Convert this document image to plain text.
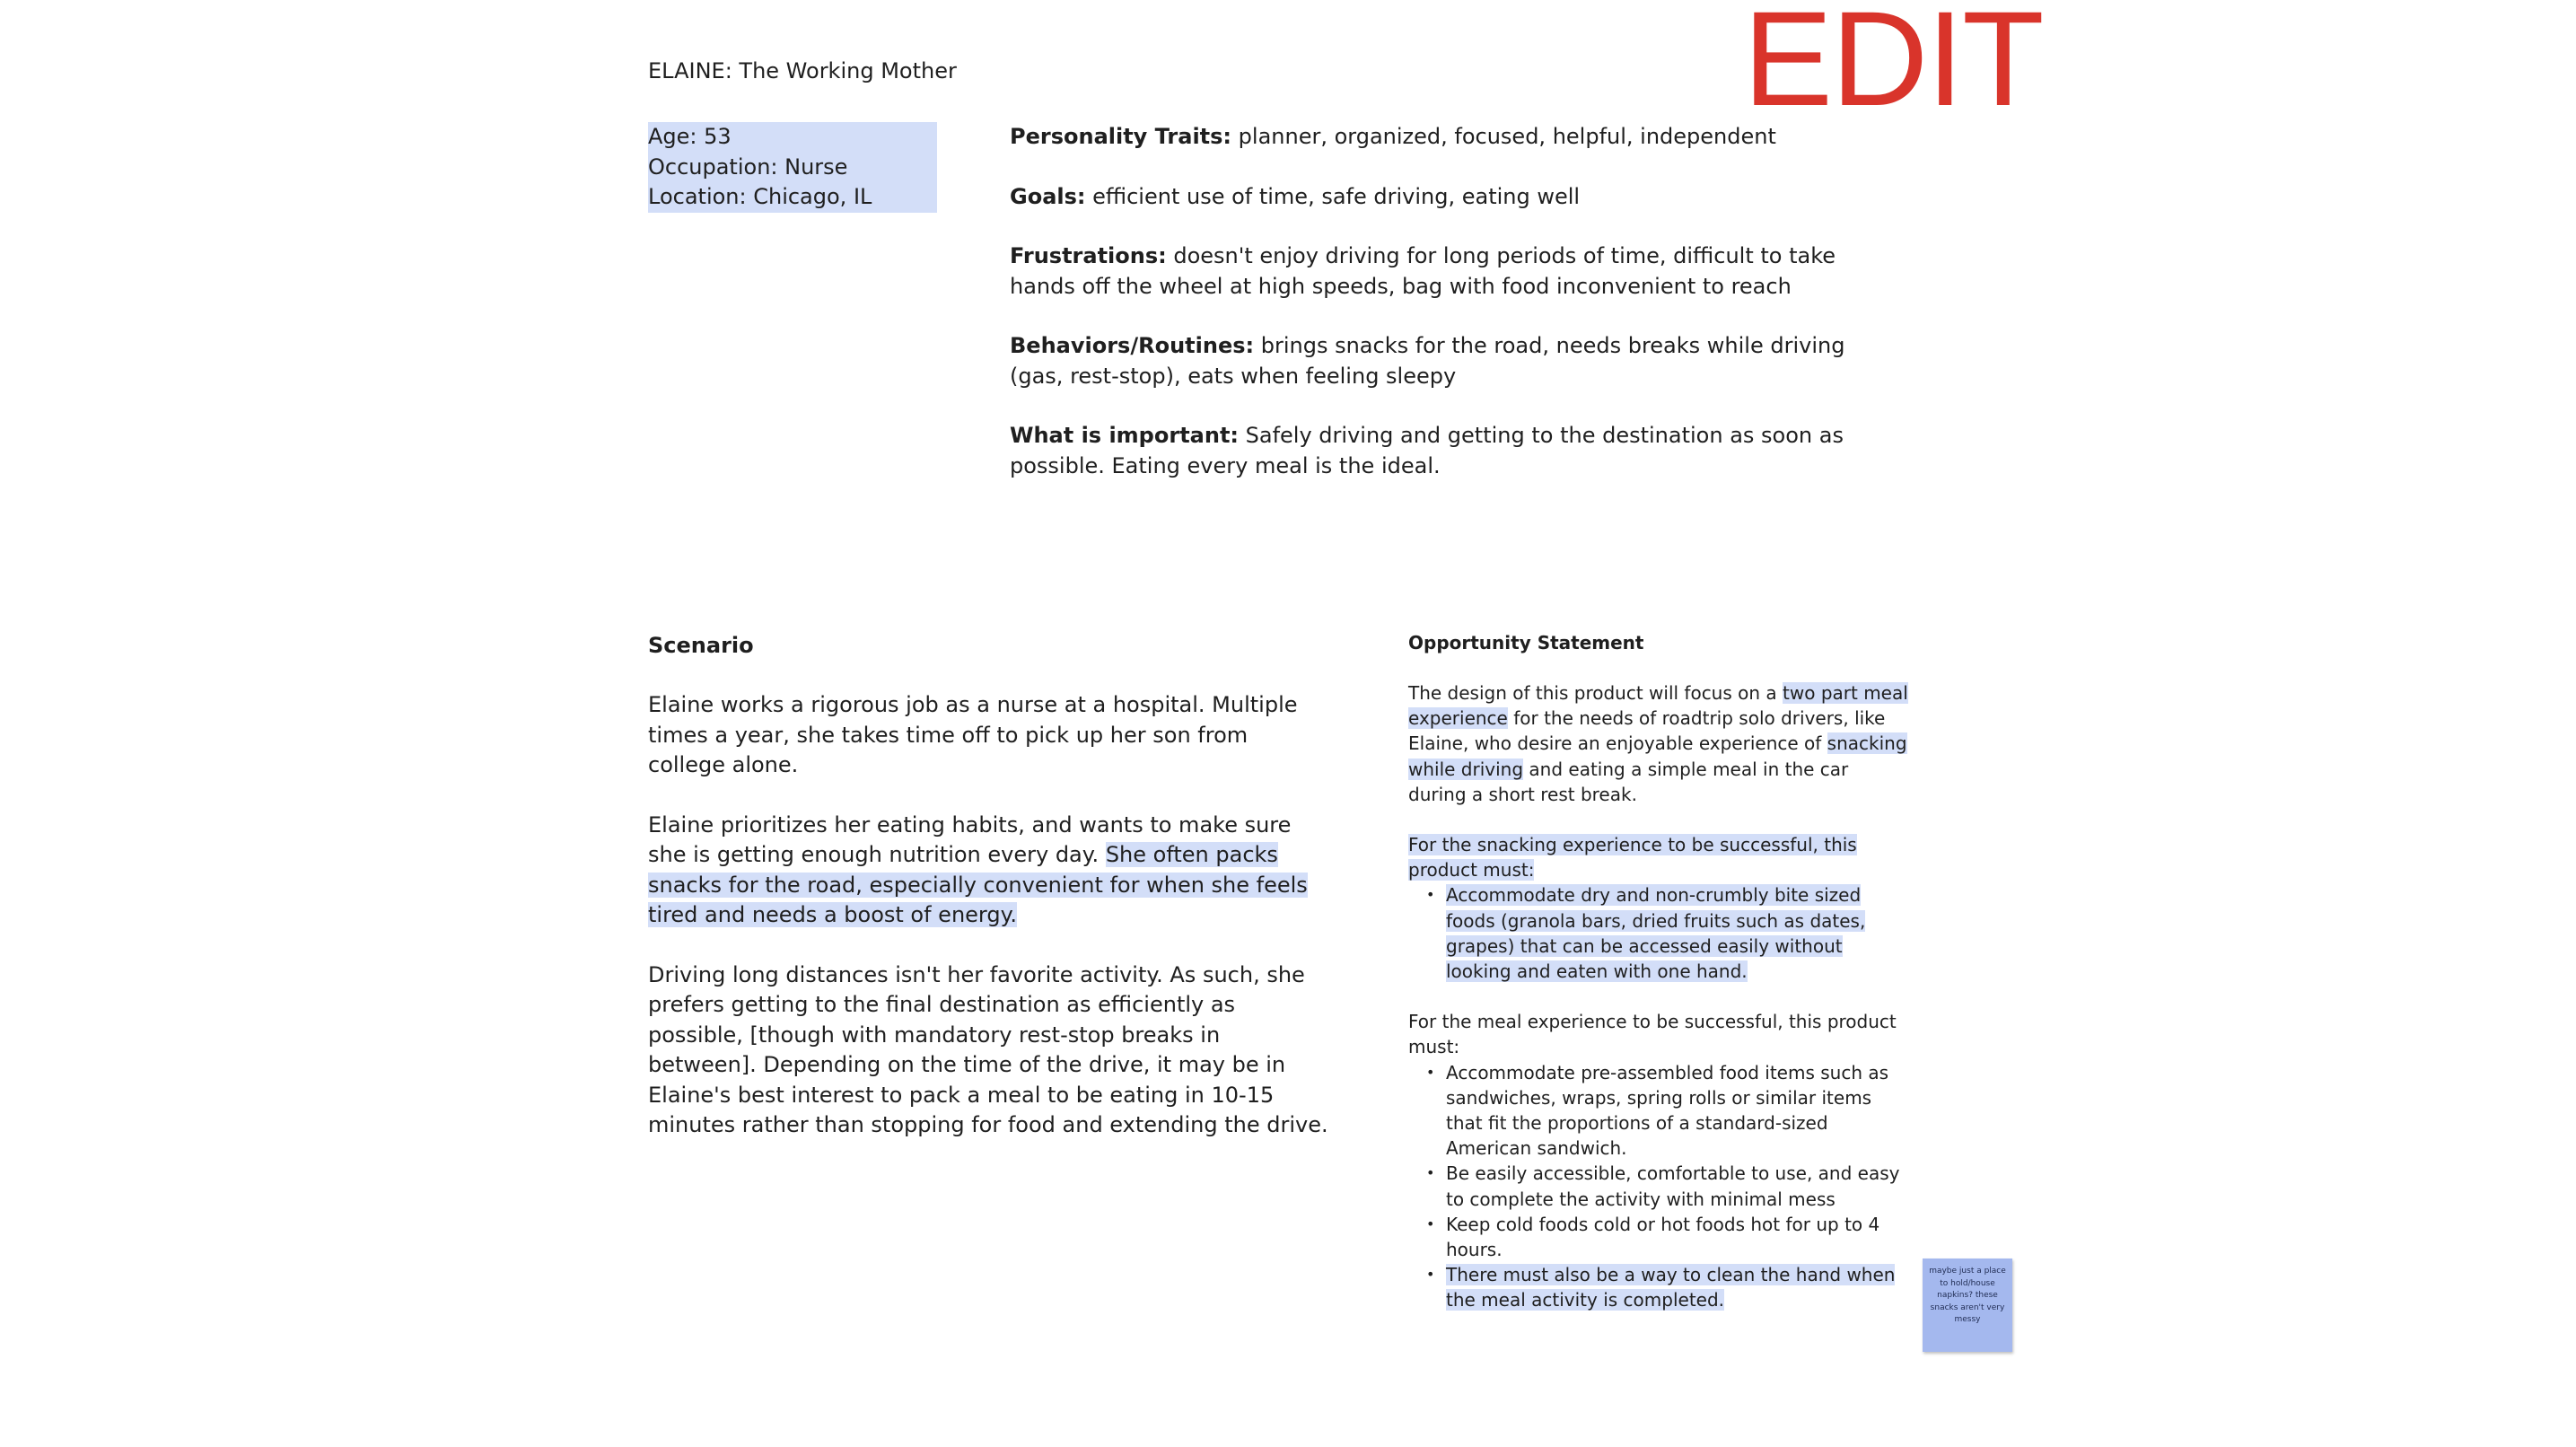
EDIT
ELAINE: The Working Mother
Age: 53
Occupation: Nurse
Location: Chicago, IL

Personality Traits: planner, organized, focused, helpful, independent

Goals: efficient use of time, safe driving, eating well

Frustrations: doesn't enjoy driving for long periods of time, difficult to take hands off the wheel at high speeds, bag with food inconvenient to reach

Behaviors/Routines: brings snacks for the road, needs breaks while driving (gas, rest-stop), eats when feeling sleepy

What is important: Safely driving and getting to the destination as soon as possible. Eating every meal is the ideal.

Scenario

Elaine works a rigorous job as a nurse at a hospital. Multiple times a year, she takes time off to pick up her son from college alone.

Elaine prioritizes her eating habits, and wants to make sure she is getting enough nutrition every day. She often packs snacks for the road, especially convenient for when she feels tired and needs a boost of energy.

Driving long distances isn't her favorite activity. As such, she prefers getting to the final destination as efficiently as possible, [though with mandatory rest-stop breaks in between]. Depending on the time of the drive, it may be in Elaine's best interest to pack a meal to be eating in 10-15 minutes rather than stopping for food and extending the drive.

Opportunity Statement

The design of this product will focus on a two part meal experience for the needs of roadtrip solo drivers, like Elaine, who desire an enjoyable experience of snacking while driving and eating a simple meal in the car during a short rest break.

For the snacking experience to be successful, this product must:

• Accommodate dry and non-crumbly bite sized foods (granola bars, dried fruits such as dates, grapes) that can be accessed easily without looking and eaten with one hand.

For the meal experience to be successful, this product must:

• Accommodate pre-assembled food items such as sandwiches, wraps, spring rolls or similar items that fit the proportions of a standard-sized American sandwich.
• Be easily accessible, comfortable to use, and easy to complete the activity with minimal mess
• Keep cold foods cold or hot foods hot for up to 4 hours.
• There must also be a way to clean the hand when the meal activity is completed.
maybe just a place to hold/house napkins? these snacks aren't very messy
